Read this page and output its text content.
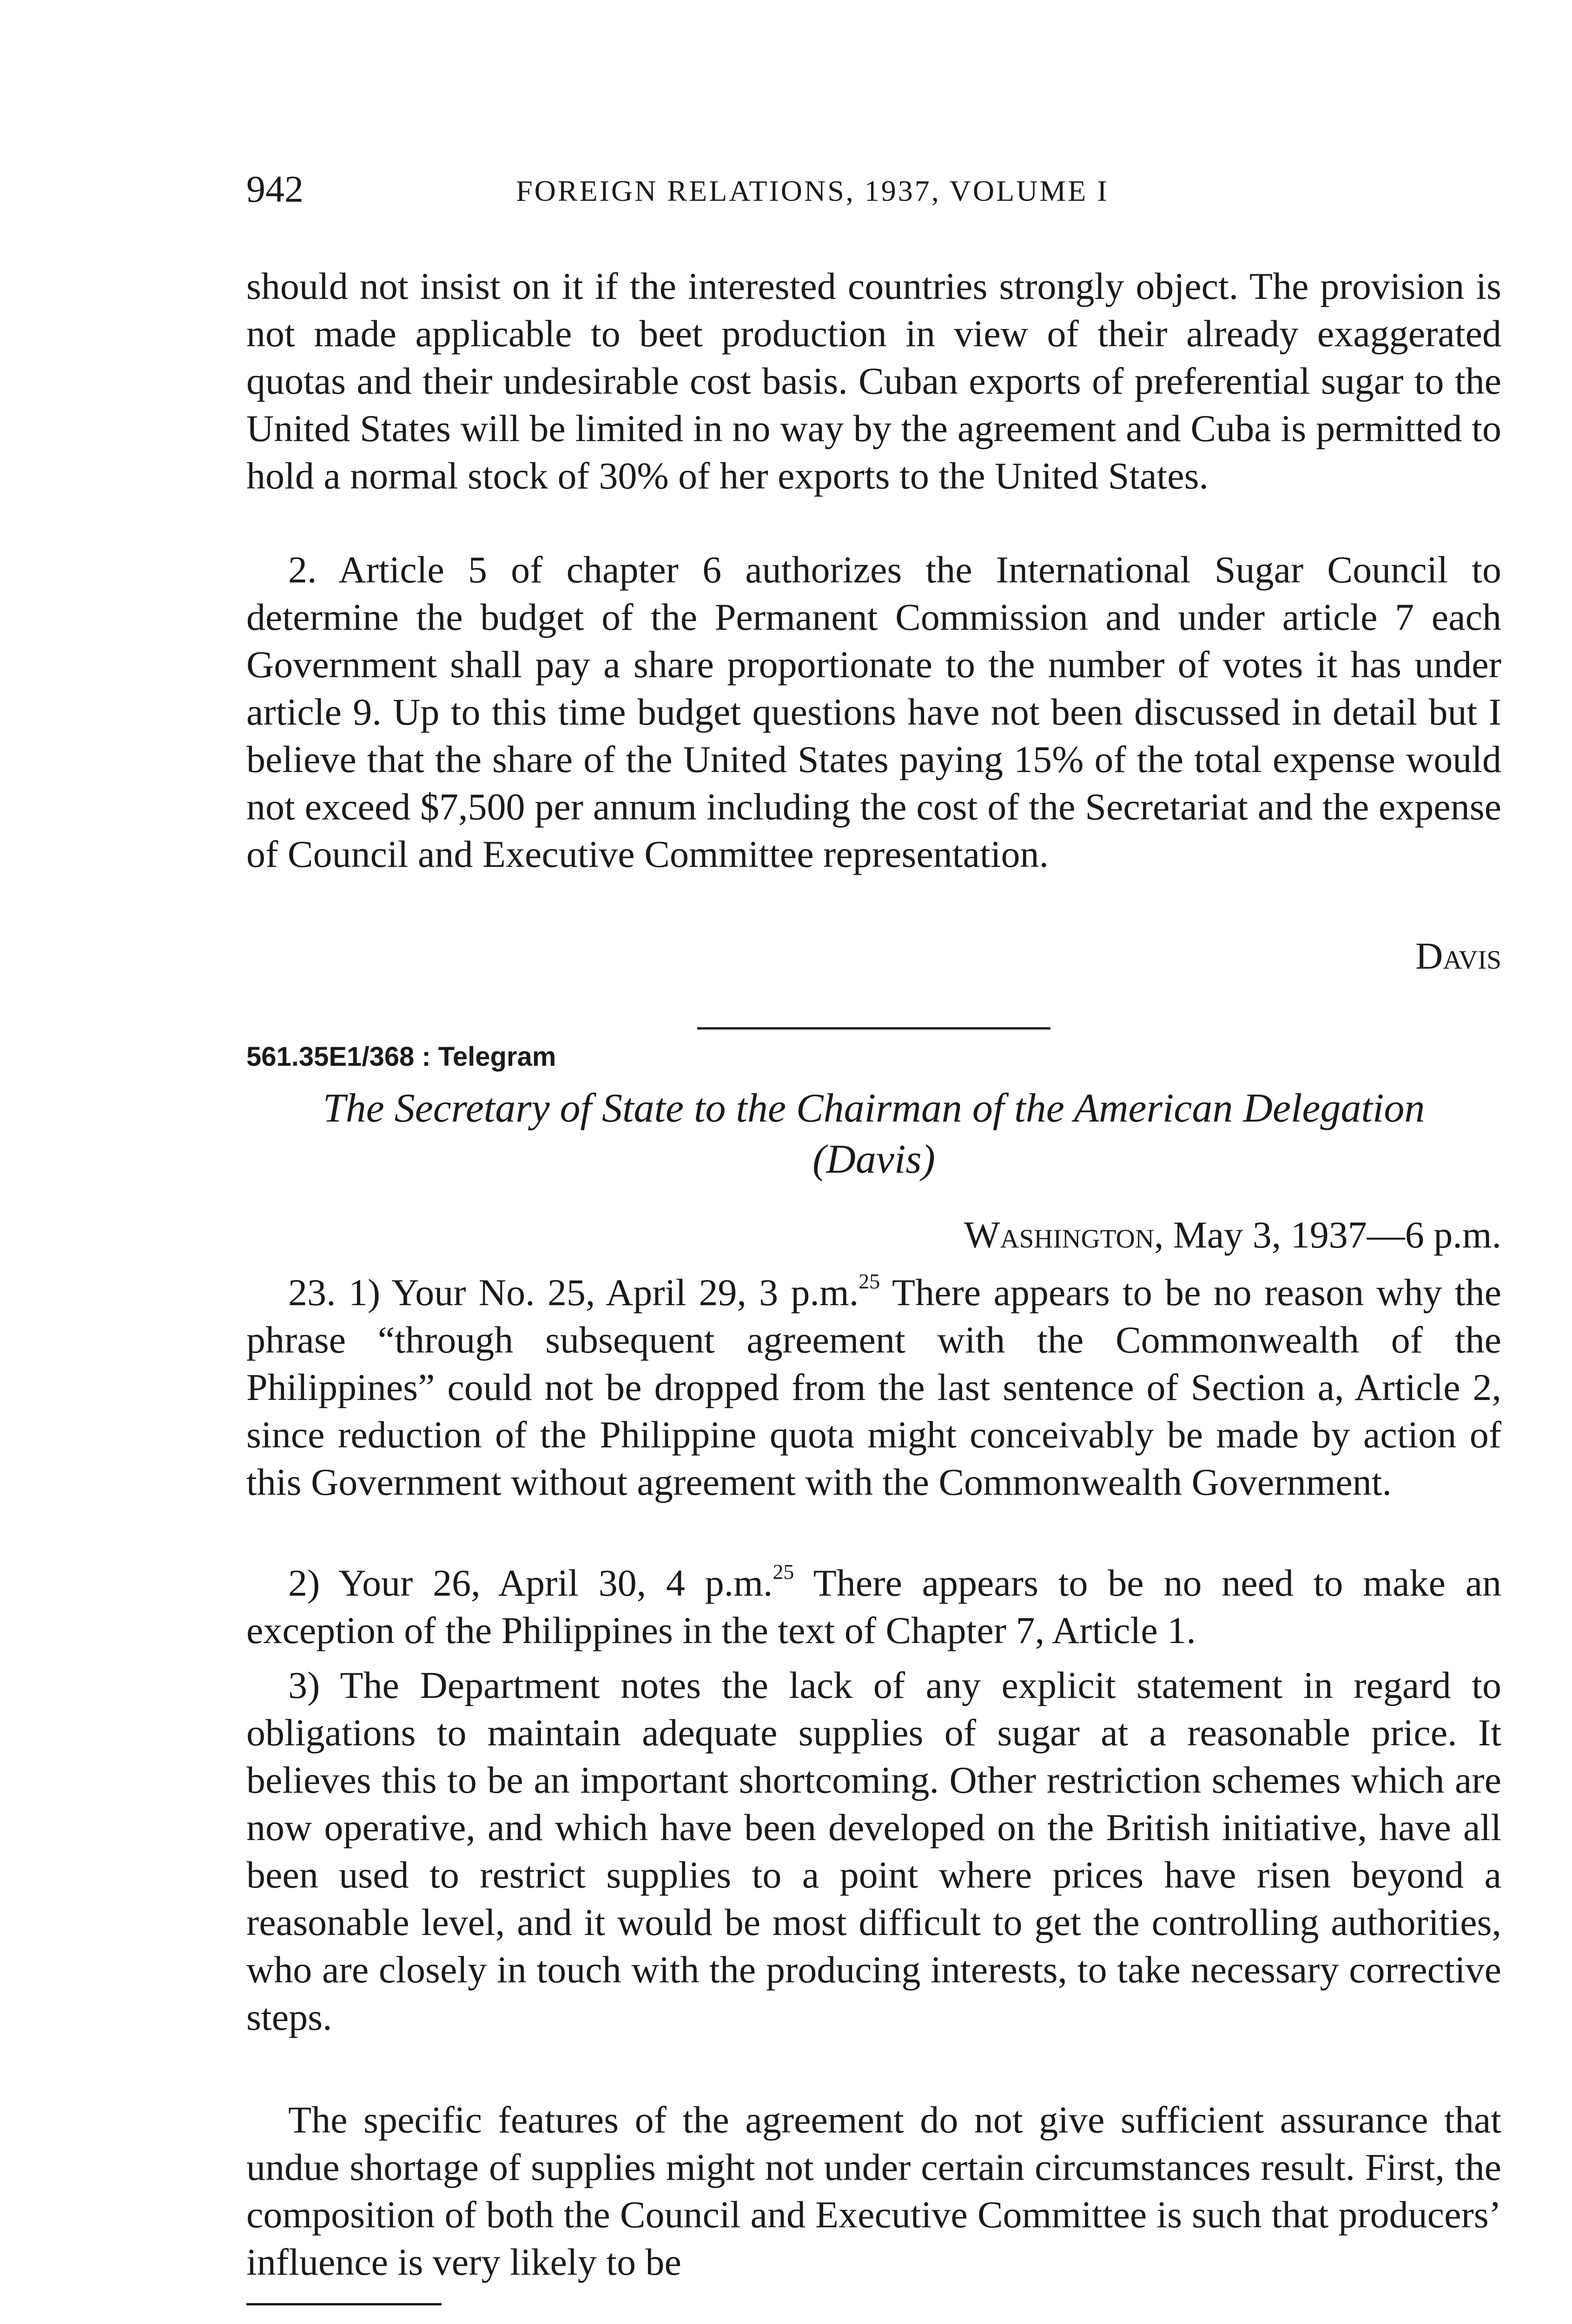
942	FOREIGN RELATIONS, 1937, VOLUME I

should not insist on it if the interested countries strongly object. The provision is not made applicable to beet production in view of their already exaggerated quotas and their undesirable cost basis. Cuban exports of preferential sugar to the United States will be limited in no way by the agreement and Cuba is permitted to hold a normal stock of 30% of her exports to the United States.

2. Article 5 of chapter 6 authorizes the International Sugar Council to determine the budget of the Permanent Commission and under article 7 each Government shall pay a share proportionate to the number of votes it has under article 9. Up to this time budget questions have not been discussed in detail but I believe that the share of the United States paying 15% of the total expense would not exceed $7,500 per annum including the cost of the Secretariat and the expense of Council and Executive Committee representation.

Davis
561.35E1/368 : Telegram
The Secretary of State to the Chairman of the American Delegation
(Davis)
Washington, May 3, 1937—6 p.m.

23. 1) Your No. 25, April 29, 3 p.m.$^{25}$ There appears to be no reason why the phrase “through subsequent agreement with the Commonwealth of the Philippines” could not be dropped from the last sentence of Section a, Article 2, since reduction of the Philippine quota might conceivably be made by action of this Government without agreement with the Commonwealth Government.

2) Your 26, April 30, 4 p.m.$^{25}$ There appears to be no need to make an exception of the Philippines in the text of Chapter 7, Article 1.

3) The Department notes the lack of any explicit statement in regard to obligations to maintain adequate supplies of sugar at a reasonable price. It believes this to be an important shortcoming. Other restriction schemes which are now operative, and which have been developed on the British initiative, have all been used to restrict supplies to a point where prices have risen beyond a reasonable level, and it would be most difficult to get the controlling authorities, who are closely in touch with the producing interests, to take necessary corrective steps.

The specific features of the agreement do not give sufficient assurance that undue shortage of supplies might not under certain circumstances result. First, the composition of both the Council and Executive Committee is such that producers’ influence is very likely to be
